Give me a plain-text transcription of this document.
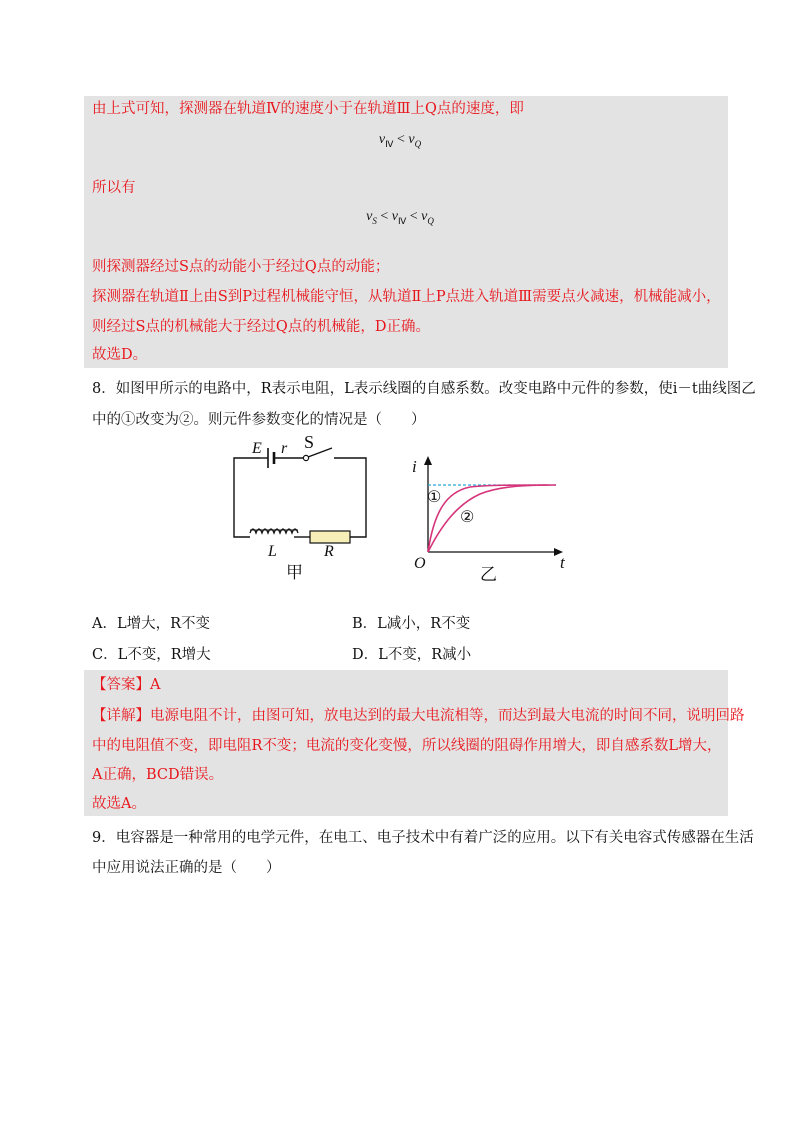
由上式可知，探测器在轨道Ⅳ的速度小于在轨道Ⅲ上Q点的速度，即
$v_Ⅳ < v_Q$
所以有
$v_S < v_Ⅳ < v_Q$
则探测器经过S点的动能小于经过Q点的动能；
探测器在轨道Ⅱ上由S到P过程机械能守恒，从轨道Ⅱ上P点进入轨道Ⅲ需要点火减速，机械能减小，
则经过S点的机械能大于经过Q点的机械能，D正确。
故选D。
8．如图甲所示的电路中，R表示电阻，L表示线圈的自感系数。改变电路中元件的参数，使i－t曲线图乙
中的①改变为②。则元件参数变化的情况是（　　）
E r S
L	R
甲
i
t
O
①
②
乙
A．L增大，R不变	B．L减小，R不变
C．L不变，R增大	D．L不变，R减小
【答案】A
【详解】电源电阻不计，由图可知，放电达到的最大电流相等，而达到最大电流的时间不同，说明回路
中的电阻值不变，即电阻R不变；电流的变化变慢，所以线圈的阻碍作用增大，即自感系数L增大，
A正确，BCD错误。
故选A。
9．电容器是一种常用的电学元件，在电工、电子技术中有着广泛的应用。以下有关电容式传感器在生活
中应用说法正确的是（　　）
